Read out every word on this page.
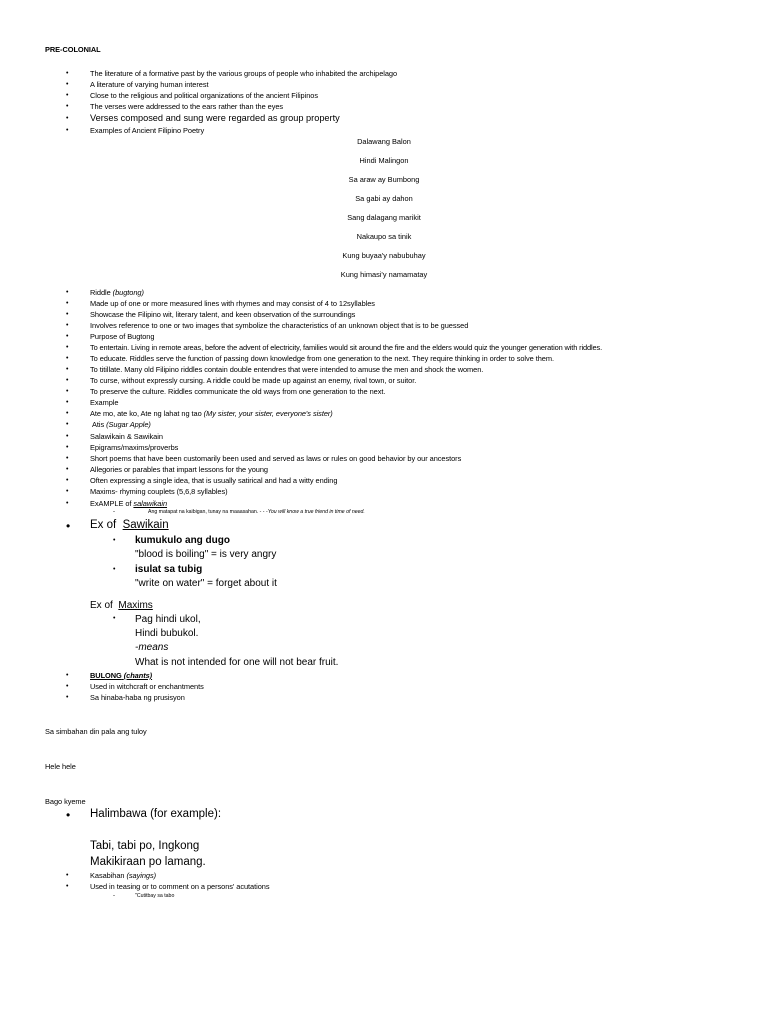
PRE-COLONIAL
•	The literature of a formative past by the various groups of people who inhabited the archipelago
•	A literature of varying human interest
•	Close to the religious and political organizations of the ancient Filipinos
•	The verses were addressed to the ears rather than the eyes
• Verses composed and sung were regarded as group property
•	Examples of Ancient Filipino Poetry
Dalawang Balon
Hindi Malingon
Sa araw ay Bumbong
Sa gabi ay dahon
Sang dalagang marikit
Nakaupo sa tinik
Kung buyaa'y nabubuhay
Kung himasi'y namamatay
•	Riddle (bugtong)
•	Made up of one or more measured lines with rhymes and may consist of 4 to 12syllables
•	Showcase the Filipino wit, literary talent, and keen observation of the surroundings
•	Involves reference to one or two images that symbolize the characteristics of an unknown object that is to be guessed
•	Purpose of Bugtong
•	To entertain. Living in remote areas, before the advent of electricity, families would sit around the fire and the elders would quiz the younger generation with riddles.
•	To educate. Riddles serve the function of passing down knowledge from one generation to the next. They require thinking in order to solve them.
•	To titillate. Many old Filipino riddles contain double entendres that were intended to amuse the men and shock the women.
•	To curse, without expressly cursing. A riddle could be made up against an enemy, rival town, or suitor.
•	To preserve the culture. Riddles communicate the old ways from one generation to the next.
•	Example
•	Ate mo, ate ko, Ate ng lahat ng tao (My sister, your sister, everyone's sister)
•	Atis (Sugar Apple)
•	Salawikain & Sawikain
•	Epigrams/maxims/proverbs
•	Short poems that have been customarily been used and served as laws or rules on good behavior by our ancestors
•	Allegories or parables that impart lessons for the young
•	Often expressing a single idea, that is usually satirical and had a witty ending
•	Maxims- rhyming couplets (5,6,8 syllables)
•	ExAMPLE of salawikain
-	Ang matapat na kaibigan, tunay na maaasahan. - - -You will know a true friend in time of need.
• Ex of Sawikain
• kumukulo ang dugo
"blood is boiling" = is very angry
• isulat sa tubig
"write on water" = forget about it
Ex of Maxims
• Pag hindi ukol,
Hindi bubukol.
-means
What is not intended for one will not bear fruit.
•	BULONG (chants)
•	Used in witchcraft or enchantments
•	Sa hinaba-haba ng prusisyon
Sa simbahan din pala ang tuloy
Hele hele
Bago kyeme
• Halimbawa (for example):
Tabi, tabi po, Ingkong
Makikiraan po lamang.
•	Kasabihan (sayings)
•	Used in teasing or to comment on a persons' acutations
-	"Cutitbay sa tabo
